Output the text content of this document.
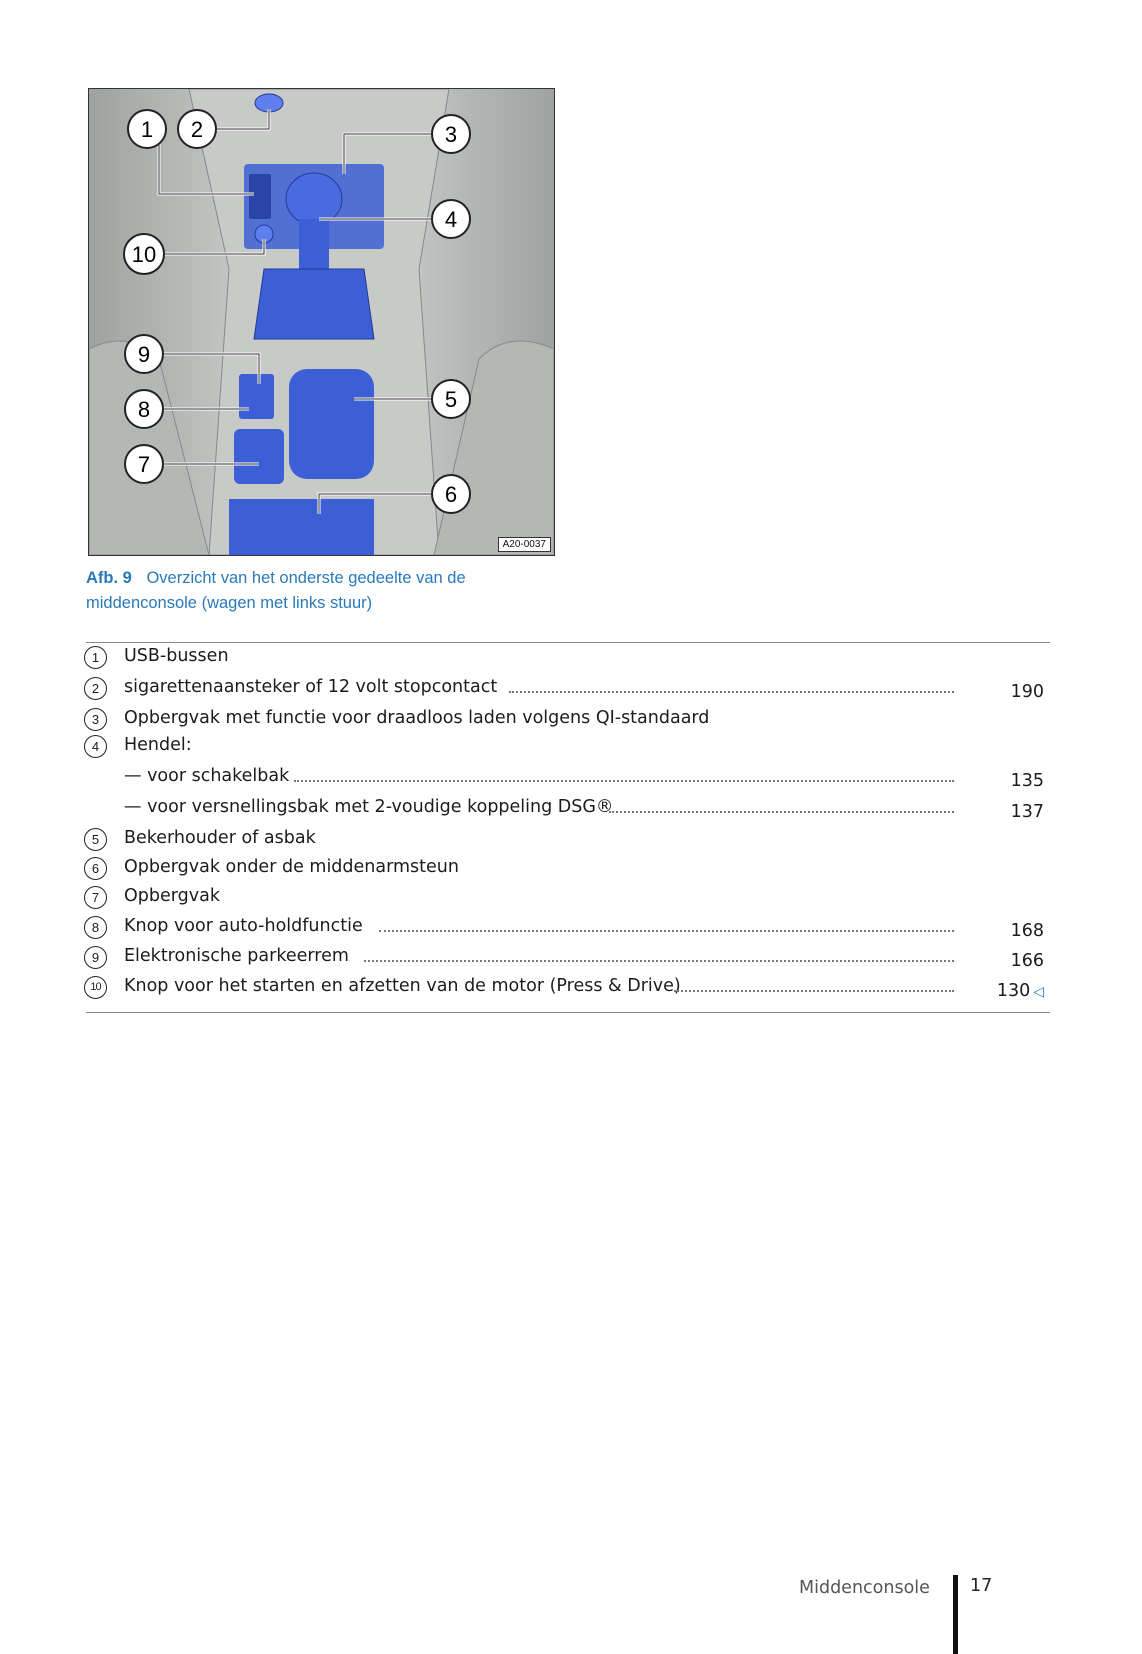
1 2	3
4
5
6
7
8
9
10
A20-0037
Afb. 9 Overzicht van het onderste gedeelte van de middenconsole (wagen met links stuur)
1	USB-bussen
2	sigarettenaansteker of 12 volt stopcontact	190
3	Opbergvak met functie voor draadloos laden volgens QI-standaard
4	Hendel:
— voor schakelbak	135
— voor versnellingsbak met 2-voudige koppeling DSG®	137
5	Bekerhouder of asbak
6	Opbergvak onder de middenarmsteun
7	Opbergvak
8	Knop voor auto-holdfunctie	168
9	Elektronische parkeerrem	166
10	Knop voor het starten en afzetten van de motor (Press & Drive)	130 ◁
Middenconsole 17
